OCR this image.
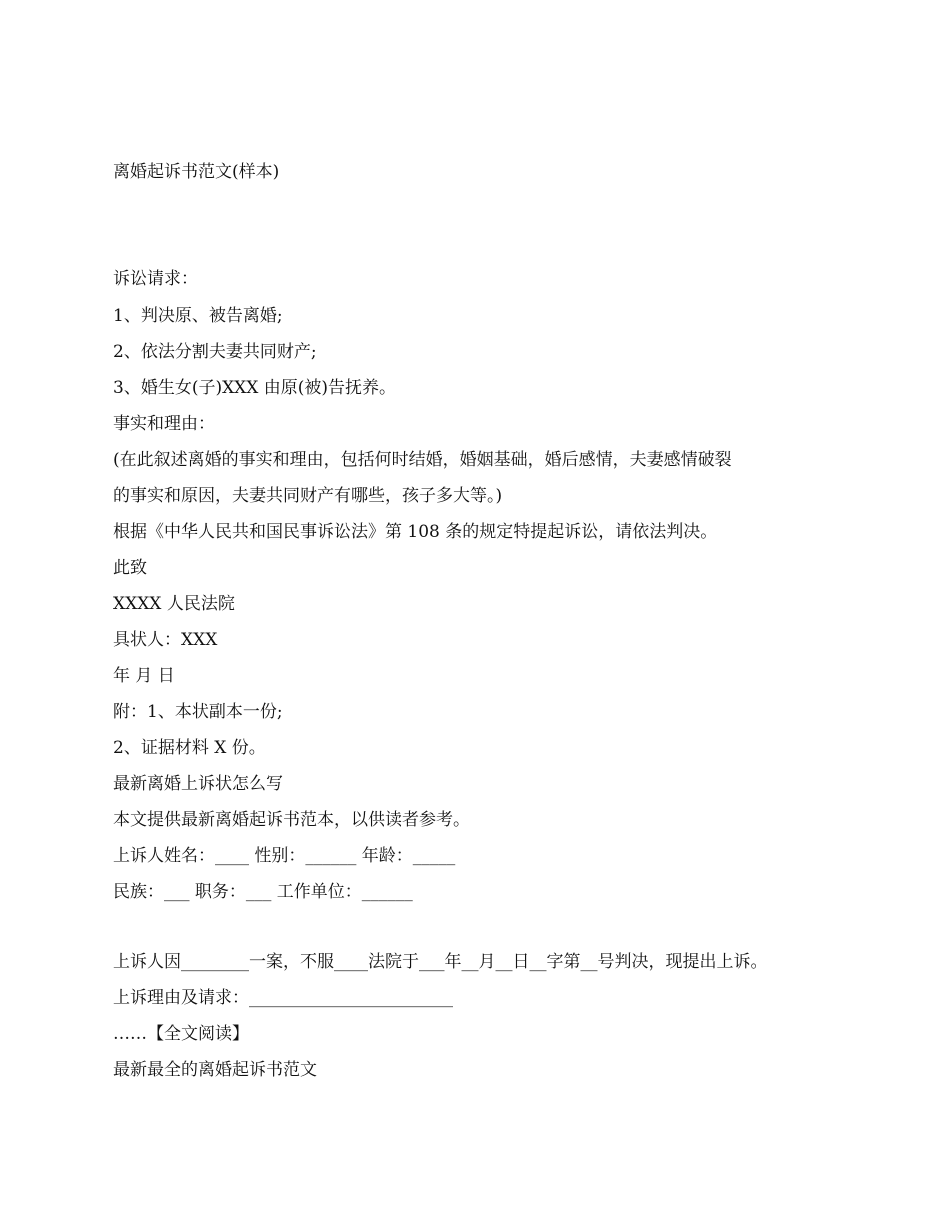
离婚起诉书范文(样本)
诉讼请求：
1、判决原、被告离婚;
2、依法分割夫妻共同财产;
3、婚生女(子)XXX 由原(被)告抚养。
事实和理由：
(在此叙述离婚的事实和理由，包括何时结婚，婚姻基础，婚后感情，夫妻感情破裂
的事实和原因，夫妻共同财产有哪些，孩子多大等。)
根据《中华人民共和国民事诉讼法》第 108 条的规定特提起诉讼，请依法判决。
此致
XXXX 人民法院
具状人：XXX
年 月 日
附：1、本状副本一份;
2、证据材料 X 份。
最新离婚上诉状怎么写
本文提供最新离婚起诉书范本，以供读者参考。
上诉人姓名：____ 性别：______ 年龄：_____
民族：___ 职务：___ 工作单位：______
上诉人因________一案，不服____法院于___年__月__日__字第__号判决，现提出上诉。
上诉理由及请求：________________________
……【全文阅读】
最新最全的离婚起诉书范文
